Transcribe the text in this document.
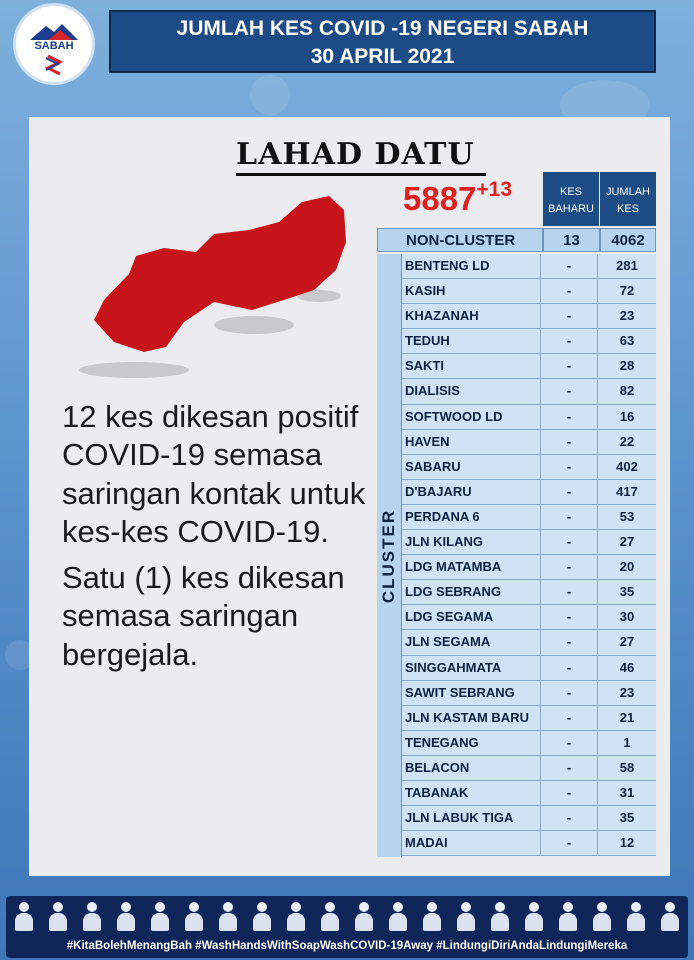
SABAH
JUMLAH KES COVID -19 NEGERI SABAH
30 APRIL 2021
LAHAD DATU
$5887^{+13}$	KES
BAHARU
JUMLAH
KES
NON-CLUSTER	13	4062
CLUSTER
BENTENG LD	-	281
KASIH	-	72
KHAZANAH	-	23
TEDUH	-	63
SAKTI	-	28
DIALISIS	-	82
SOFTWOOD LD	-	16
HAVEN	-	22
SABARU	-	402
D'BAJARU	-	417
PERDANA 6	-	53
JLN KILANG	-	27
LDG MATAMBA	-	20
LDG SEBRANG	-	35
LDG SEGAMA	-	30
JLN SEGAMA	-	27
SINGGAHMATA	-	46
SAWIT SEBRANG	-	23
JLN KASTAM BARU	-	21
TENEGANG	-	1
BELACON	-	58
TABANAK	-	31
JLN LABUK TIGA	-	35
MADAI	-	12

12 kes dikesan positif COVID-19 semasa saringan kontak untuk kes-kes COVID-19.

Satu (1) kes dikesan semasa saringan bergejala.

#KitaBolehMenangBah #WashHandsWithSoapWashCOVID-19Away #LindungiDiriAndaLindungiMereka
